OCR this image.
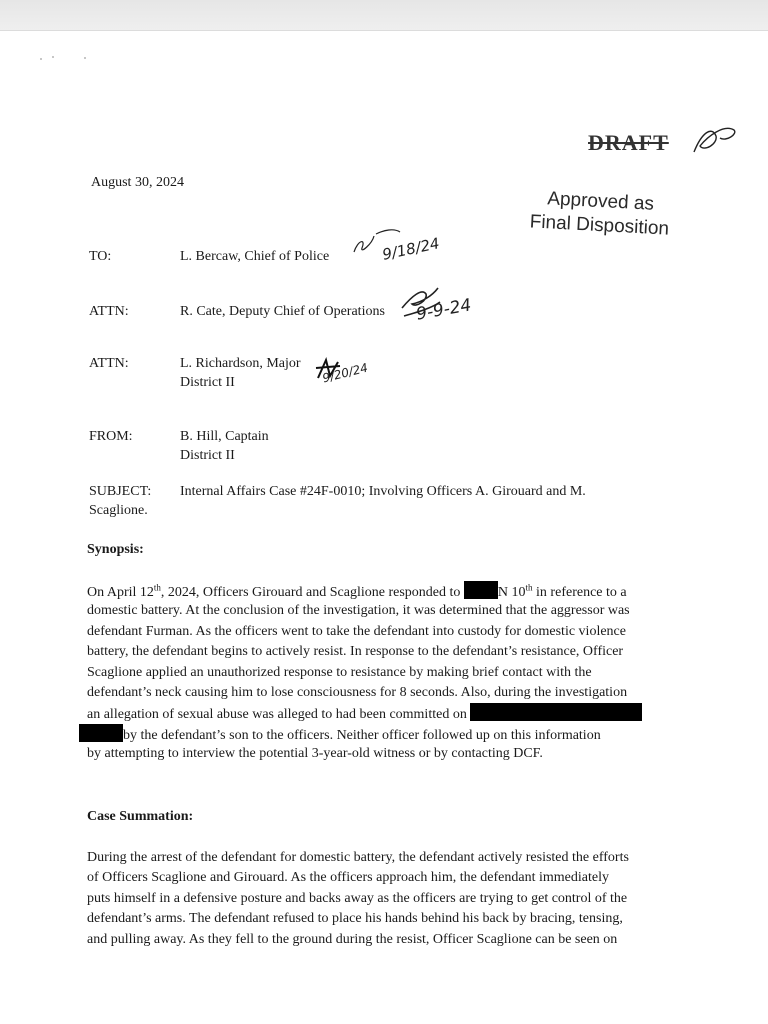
DRAFT
Approved as
Final Disposition
August 30, 2024
TO:	L. Bercaw, Chief of Police	9/18/24
ATTN:	R. Cate, Deputy Chief of Operations 9-9-24
ATTN:	L. Richardson, Major
District II	9/20/24
FROM:	B. Hill, Captain
District II
SUBJECT: Internal Affairs Case #24F-0010; Involving Officers A. Girouard and M.
Scaglione.
Synopsis:
On April 12th, 2024, Officers Girouard and Scaglione responded to	N 10th in reference to a
domestic battery. At the conclusion of the investigation, it was determined that the aggressor was
defendant Furman. As the officers went to take the defendant into custody for domestic violence
battery, the defendant begins to actively resist. In response to the defendant’s resistance, Officer
Scaglione applied an unauthorized response to resistance by making brief contact with the
defendant’s neck causing him to lose consciousness for 8 seconds. Also, during the investigation
an allegation of sexual abuse was alleged to had been committed on
by the defendant’s son to the officers. Neither officer followed up on this information
by attempting to interview the potential 3-year-old witness or by contacting DCF.
Case Summation:
During the arrest of the defendant for domestic battery, the defendant actively resisted the efforts
of Officers Scaglione and Girouard. As the officers approach him, the defendant immediately
puts himself in a defensive posture and backs away as the officers are trying to get control of the
defendant’s arms. The defendant refused to place his hands behind his back by bracing, tensing,
and pulling away. As they fell to the ground during the resist, Officer Scaglione can be seen on
